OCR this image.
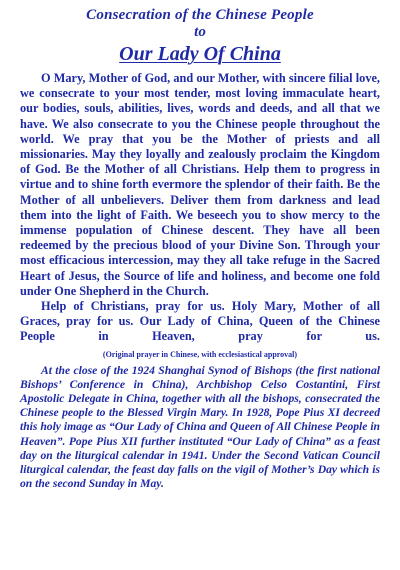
Consecration of the Chinese People
to
Our Lady Of China

O Mary, Mother of God, and our Mother, with sincere filial love, we consecrate to your most tender, most loving immaculate heart, our bodies, souls, abilities, lives, words and deeds, and all that we have. We also consecrate to you the Chinese people throughout the world. We pray that you be the Mother of priests and all missionaries. May they loyally and zealously proclaim the Kingdom of God. Be the Mother of all Christians. Help them to progress in virtue and to shine forth evermore the splendor of their faith. Be the Mother of all unbelievers. Deliver them from darkness and lead them into the light of Faith. We beseech you to show mercy to the immense population of Chinese descent. They have all been redeemed by the precious blood of your Divine Son. Through your most efficacious intercession, may they all take refuge in the Sacred Heart of Jesus, the Source of life and holiness, and become one fold under One Shepherd in the Church.

Help of Christians, pray for us. Holy Mary, Mother of all Graces, pray for us. Our Lady of China, Queen of the Chinese People in Heaven, pray for us.

(Original prayer in Chinese, with ecclesiastical approval)

At the close of the 1924 Shanghai Synod of Bishops (the first national Bishops’ Conference in China), Archbishop Celso Costantini, First Apostolic Delegate in China, together with all the bishops, consecrated the Chinese people to the Blessed Virgin Mary. In 1928, Pope Pius XI decreed this holy image as “Our Lady of China and Queen of All Chinese People in Heaven”. Pope Pius XII further instituted “Our Lady of China” as a feast day on the liturgical calendar in 1941. Under the Second Vatican Council liturgical calendar, the feast day falls on the vigil of Mother’s Day which is on the second Sunday in May.
